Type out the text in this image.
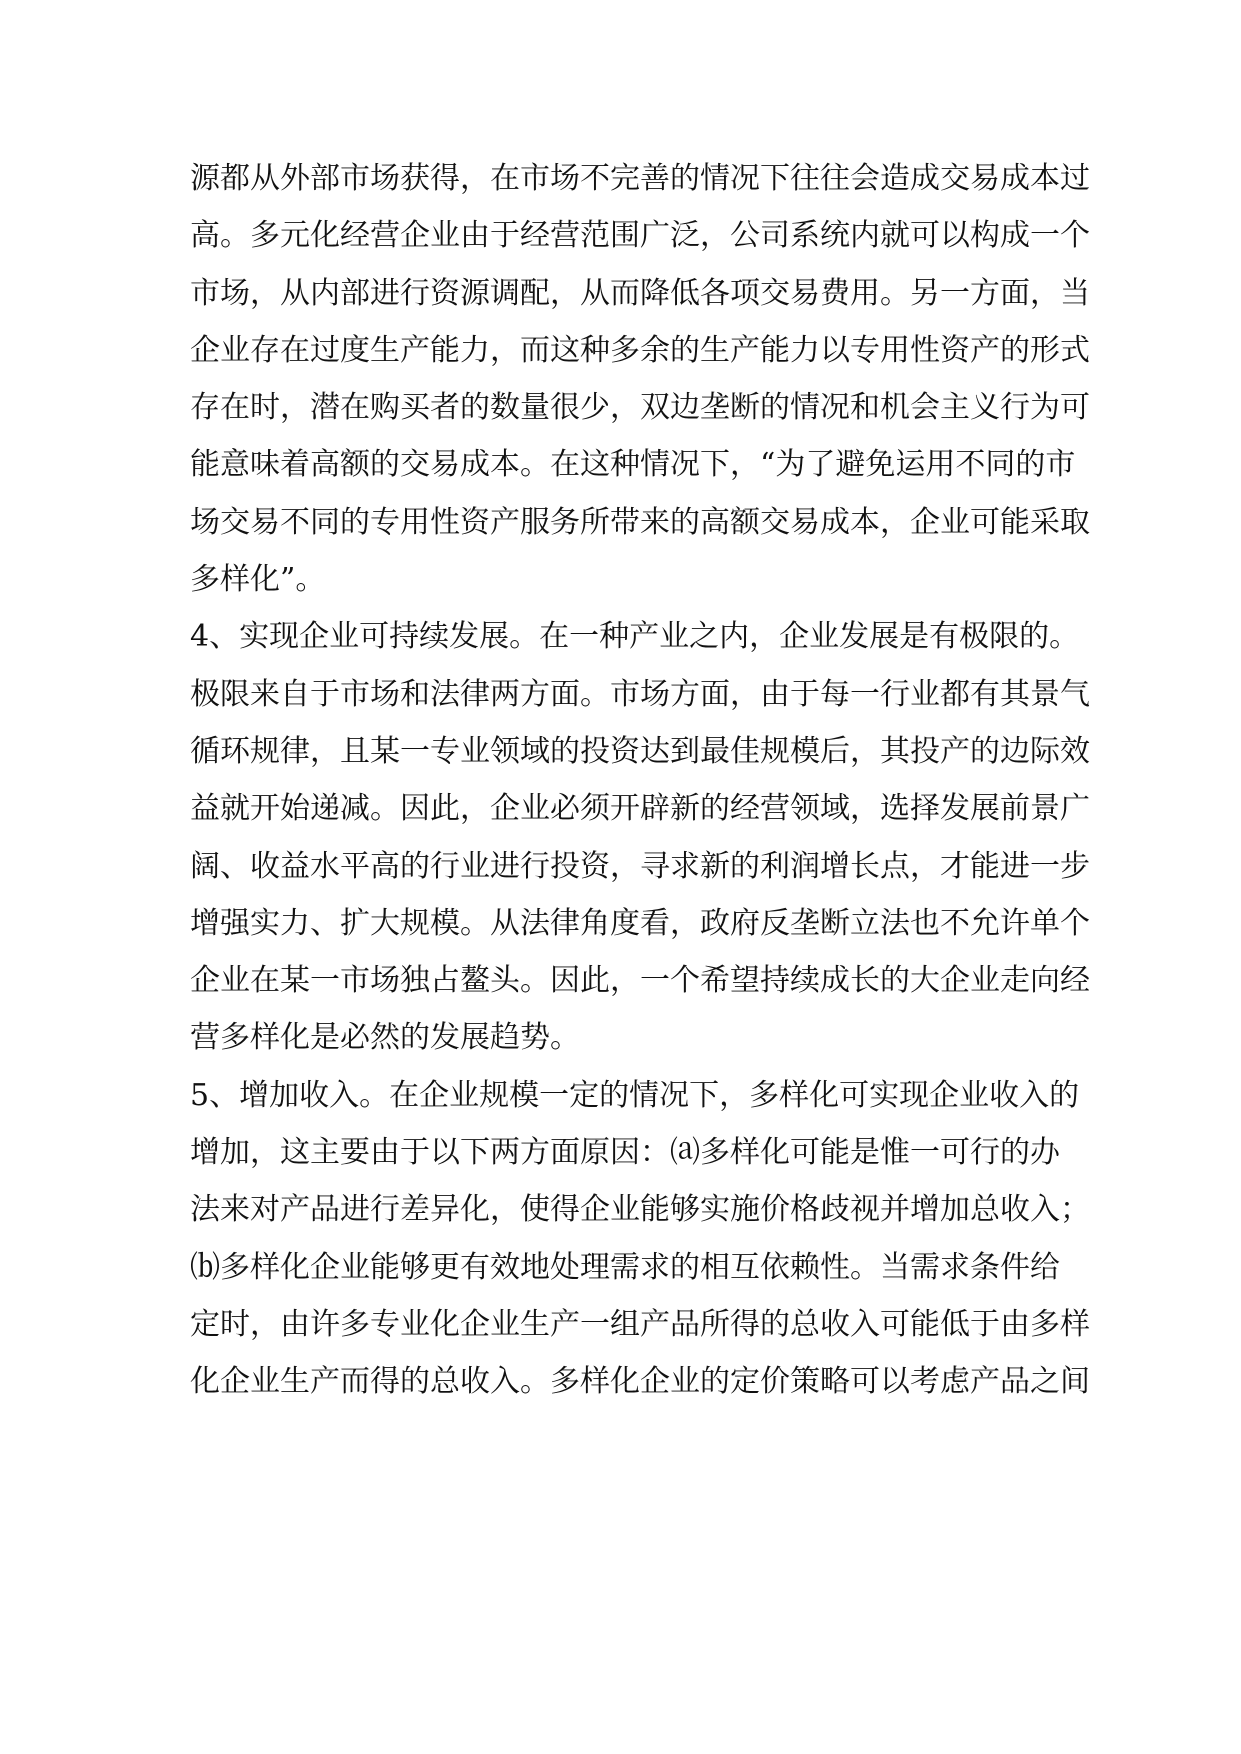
源都从外部市场获得，在市场不完善的情况下往往会造成交易成本过
高。多元化经营企业由于经营范围广泛，公司系统内就可以构成一个
市场，从内部进行资源调配，从而降低各项交易费用。另一方面，当
企业存在过度生产能力，而这种多余的生产能力以专用性资产的形式
存在时，潜在购买者的数量很少，双边垄断的情况和机会主义行为可
能意味着高额的交易成本。在这种情况下，“为了避免运用不同的市
场交易不同的专用性资产服务所带来的高额交易成本，企业可能采取
多样化”。
4、实现企业可持续发展。在一种产业之内，企业发展是有极限的。
极限来自于市场和法律两方面。市场方面，由于每一行业都有其景气
循环规律，且某一专业领域的投资达到最佳规模后，其投产的边际效
益就开始递减。因此，企业必须开辟新的经营领域，选择发展前景广
阔、收益水平高的行业进行投资，寻求新的利润增长点，才能进一步
增强实力、扩大规模。从法律角度看，政府反垄断立法也不允许单个
企业在某一市场独占鳌头。因此，一个希望持续成长的大企业走向经
营多样化是必然的发展趋势。
5、增加收入。在企业规模一定的情况下，多样化可实现企业收入的
增加，这主要由于以下两方面原因：⒜多样化可能是惟一可行的办
法来对产品进行差异化，使得企业能够实施价格歧视并增加总收入；
⒝多样化企业能够更有效地处理需求的相互依赖性。当需求条件给
定时，由许多专业化企业生产一组产品所得的总收入可能低于由多样
化企业生产而得的总收入。多样化企业的定价策略可以考虑产品之间
